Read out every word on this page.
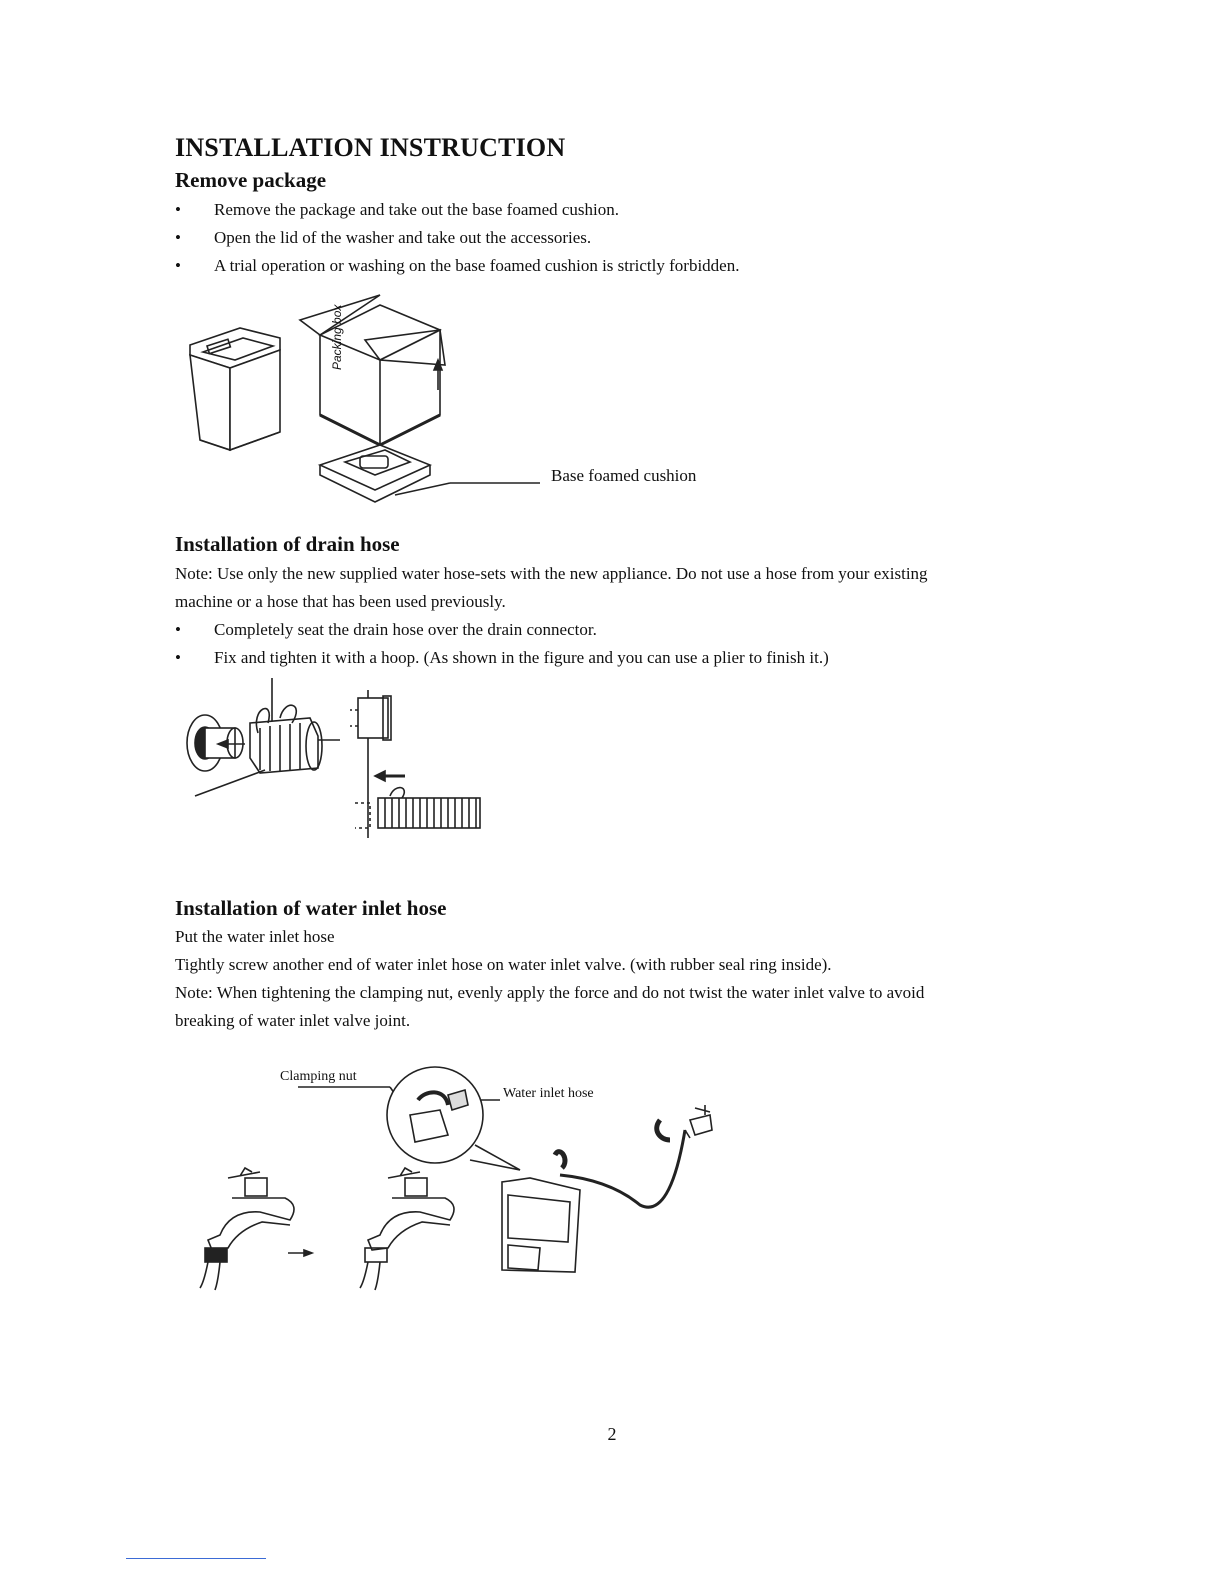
INSTALLATION INSTRUCTION
Remove package
• Remove the package and take out the base foamed cushion.
• Open the lid of the washer and take out the accessories.
• A trial operation or washing on the base foamed cushion is strictly forbidden.
Packing box
Base foamed cushion
Installation of drain hose
Note: Use only the new supplied water hose-sets with the new appliance. Do not use a hose from your existing
machine or a hose that has been used previously.
• Completely seat the drain hose over the drain connector.
• Fix and tighten it with a hoop. (As shown in the figure and you can use a plier to finish it.)
Installation of water inlet hose
Put the water inlet hose
Tightly screw another end of water inlet hose on water inlet valve. (with rubber seal ring inside).
Note: When tightening the clamping nut, evenly apply the force and do not twist the water inlet valve to avoid
breaking of water inlet valve joint.
Clamping nut
Water inlet hose
2
